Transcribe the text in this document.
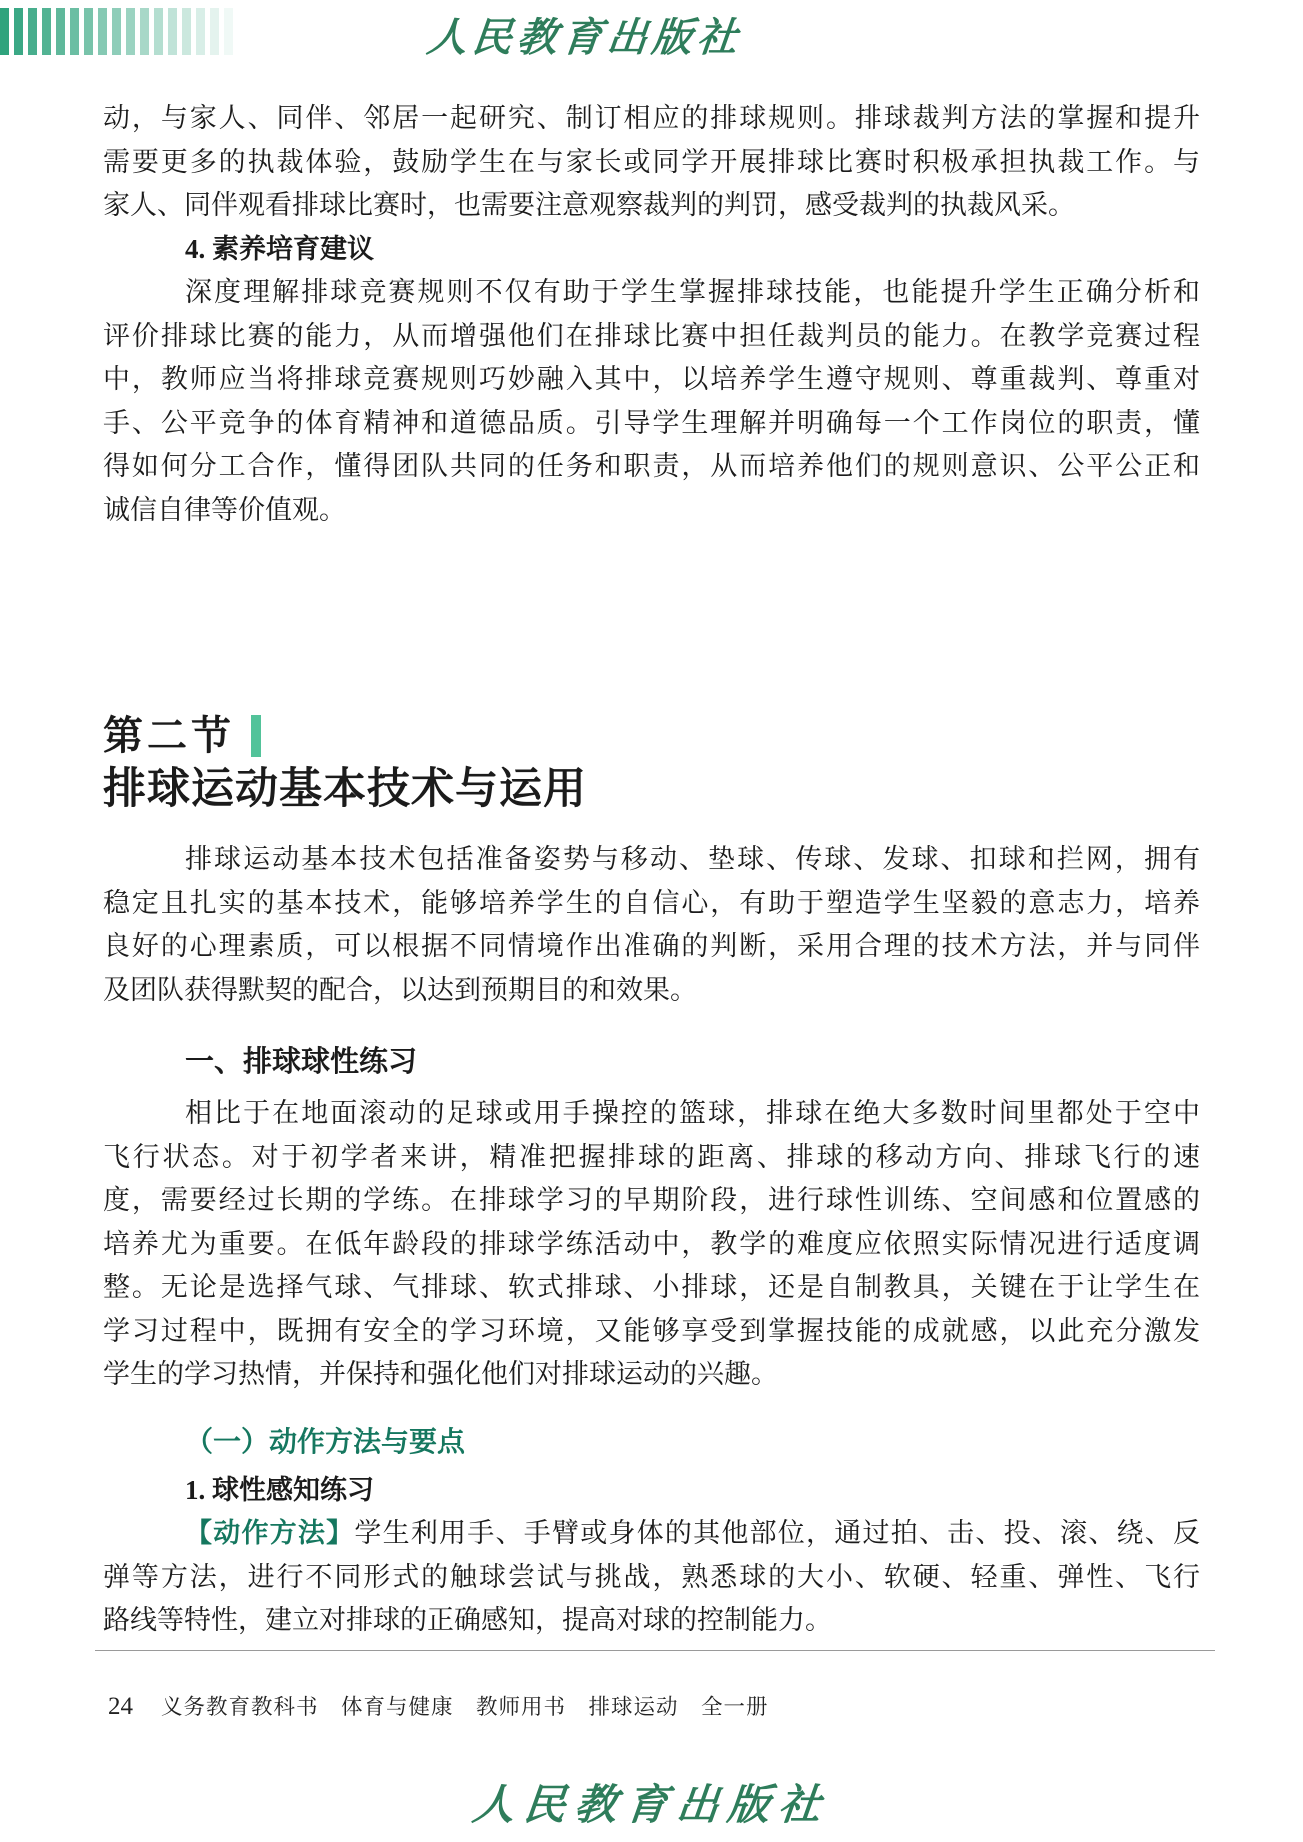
人民教育出版社
动，与家人、同伴、邻居一起研究、制订相应的排球规则。排球裁判方法的掌握和提升
需要更多的执裁体验，鼓励学生在与家长或同学开展排球比赛时积极承担执裁工作。与
家人、同伴观看排球比赛时，也需要注意观察裁判的判罚，感受裁判的执裁风采。
4. 素养培育建议
深度理解排球竞赛规则不仅有助于学生掌握排球技能，也能提升学生正确分析和
评价排球比赛的能力，从而增强他们在排球比赛中担任裁判员的能力。在教学竞赛过程
中，教师应当将排球竞赛规则巧妙融入其中，以培养学生遵守规则、尊重裁判、尊重对
手、公平竞争的体育精神和道德品质。引导学生理解并明确每一个工作岗位的职责，懂
得如何分工合作，懂得团队共同的任务和职责，从而培养他们的规则意识、公平公正和
诚信自律等价值观。
第二节
排球运动基本技术与运用
排球运动基本技术包括准备姿势与移动、垫球、传球、发球、扣球和拦网，拥有
稳定且扎实的基本技术，能够培养学生的自信心，有助于塑造学生坚毅的意志力，培养
良好的心理素质，可以根据不同情境作出准确的判断，采用合理的技术方法，并与同伴
及团队获得默契的配合，以达到预期目的和效果。
一、排球球性练习
相比于在地面滚动的足球或用手操控的篮球，排球在绝大多数时间里都处于空中
飞行状态。对于初学者来讲，精准把握排球的距离、排球的移动方向、排球飞行的速
度，需要经过长期的学练。在排球学习的早期阶段，进行球性训练、空间感和位置感的
培养尤为重要。在低年龄段的排球学练活动中，教学的难度应依照实际情况进行适度调
整。无论是选择气球、气排球、软式排球、小排球，还是自制教具，关键在于让学生在
学习过程中，既拥有安全的学习环境，又能够享受到掌握技能的成就感，以此充分激发
学生的学习热情，并保持和强化他们对排球运动的兴趣。
（一）动作方法与要点
1. 球性感知练习
【动作方法】学生利用手、手臂或身体的其他部位，通过拍、击、投、滚、绕、反
弹等方法，进行不同形式的触球尝试与挑战，熟悉球的大小、软硬、轻重、弹性、飞行
路线等特性，建立对排球的正确感知，提高对球的控制能力。
24 义务教育教科书　体育与健康　教师用书　排球运动　全一册
人民教育出版社
